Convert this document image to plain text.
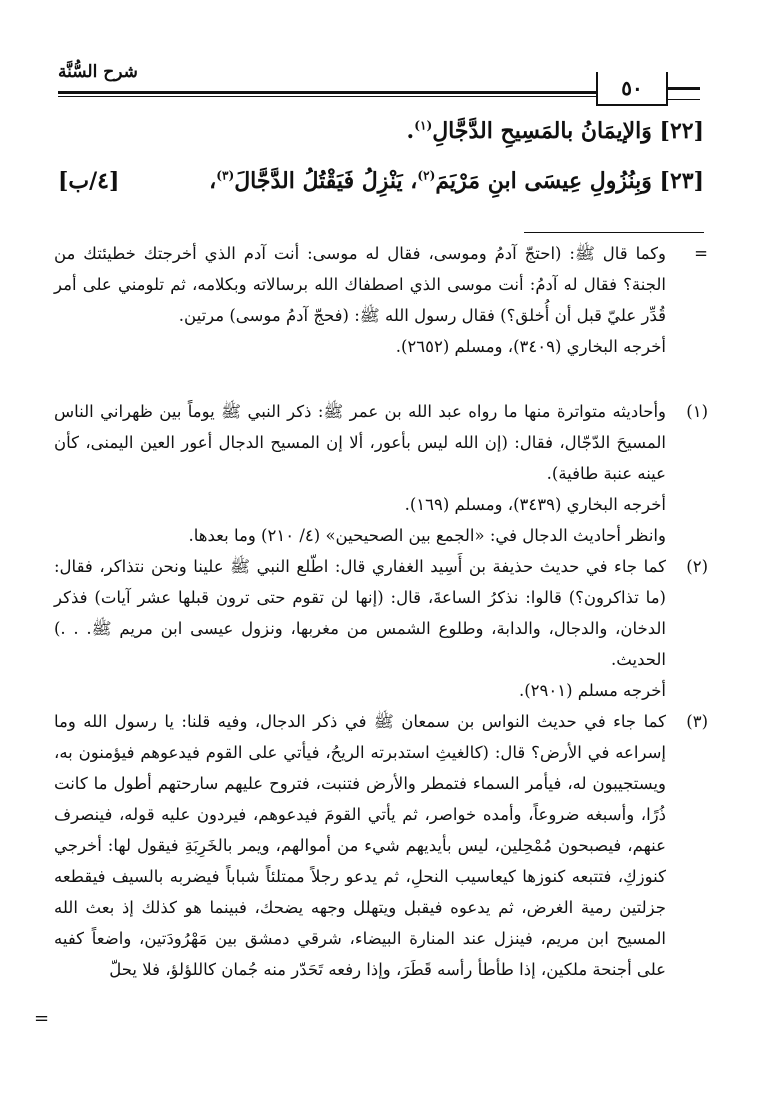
شرح السُّنَّة
٥٠
[٢٢] وَالإيمَانُ بالمَسِيحِ الدَّجَّالِ$^{(١)}$.
[٤/ب]	[٢٣] وَبِنُزُولِ عِيسَى ابنِ مَرْيَمَ$^{(٢)}$، يَنْزِلُ فَيَقْتُلُ الدَّجَّالَ$^{(٣)}$،
=

وكما قال ﷺ: (احتجّ آدمُ وموسى، فقال له موسى: أنت آدم الذي أخرجتك خطيئتك من الجنة؟ فقال له آدمُ: أنت موسى الذي اصطفاك الله برسالاته وبكلامه، ثم تلومني على أمر قُدِّر عليّ قبل أن أُخلق؟) فقال رسول الله ﷺ: (فحجّ آدمُ موسى) مرتين.

أخرجه البخاري (٣٤٠٩)، ومسلم (٢٦٥٢).

(١)

وأحاديثه متواترة منها ما رواه عبد الله بن عمر ﷺ: ذكر النبي ﷺ يوماً بين ظهراني الناس المسيحَ الدّجّال، فقال: (إن الله ليس بأعور، ألا إن المسيح الدجال أعور العين اليمنى، كأن عينه عنبة طافية).

أخرجه البخاري (٣٤٣٩)، ومسلم (١٦٩).

وانظر أحاديث الدجال في: «الجمع بين الصحيحين» (٤/ ٢١٠) وما بعدها.

(٢)

كما جاء في حديث حذيفة بن أَسِيد الغفاري قال: اطّلع النبي ﷺ علينا ونحن نتذاكر، فقال: (ما تذاكرون؟) قالوا: نذكرُ الساعةَ، قال: (إنها لن تقوم حتى ترون قبلها عشر آيات) فذكر الدخان، والدجال، والدابة، وطلوع الشمس من مغربها، ونزول عيسى ابن مريم ﷺ. . .) الحديث.

أخرجه مسلم (٢٩٠١).

(٣)

كما جاء في حديث النواس بن سمعان ﷺ في ذكر الدجال، وفيه قلنا: يا رسول الله وما إسراعه في الأرض؟ قال: (كالغيثِ استدبرته الريحُ، فيأتي على القوم فيدعوهم فيؤمنون به، ويستجيبون له، فيأمر السماء فتمطر والأرض فتنبت، فتروح عليهم سارحتهم أطول ما كانت ذُرًا، وأسبغه ضروعاً، وأمده خواصر، ثم يأتي القومَ فيدعوهم، فيردون عليه قوله، فينصرف عنهم، فيصبحون مُمْحِلين، ليس بأيديهم شيء من أموالهم، ويمر بالخَرِبَةِ فيقول لها: أخرجي كنوزكِ، فتتبعه كنوزها كيعاسيب النحلِ، ثم يدعو رجلاً ممتلئاً شباباً فيضربه بالسيف فيقطعه جزلتين رمية الغرض، ثم يدعوه فيقبل ويتهلل وجهه يضحك، فبينما هو كذلك إذ بعث الله المسيح ابن مريم، فينزل عند المنارة البيضاء، شرقي دمشق بين مَهْرُودَتين، واضعاً كفيه على أجنحة ملكين، إذا طأطأ رأسه قَطَرَ، وإذا رفعه تَحَدّر منه جُمان كاللؤلؤ، فلا يحلّ

=
